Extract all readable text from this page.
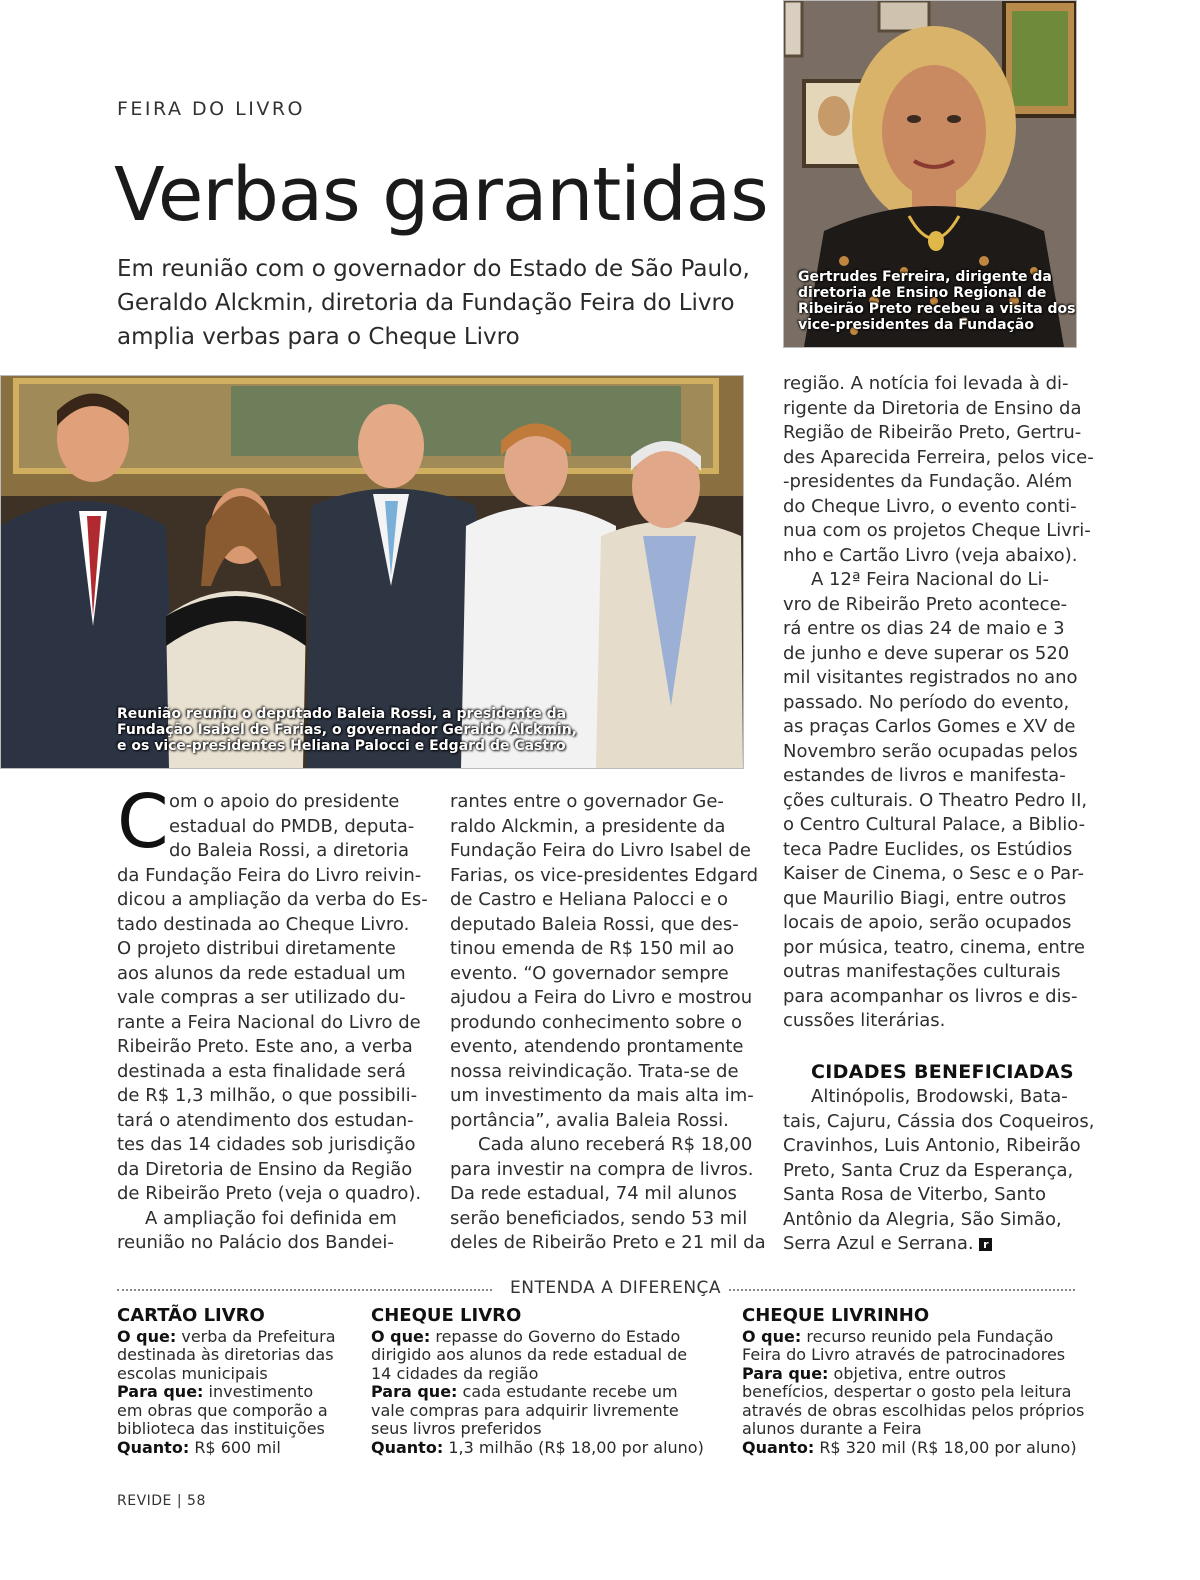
FEIRA DO LIVRO
Verbas garantidas
Em reunião com o governador do Estado de São Paulo,
Geraldo Alckmin, diretoria da Fundação Feira do Livro
amplia verbas para o Cheque Livro
Gertrudes Ferreira, dirigente da
diretoria de Ensino Regional de
Ribeirão Preto recebeu a visita dos
vice-presidentes da Fundação
Reunião reuniu o deputado Baleia Rossi, a presidente da
Fundação Isabel de Farias, o governador Geraldo Alckmin,
e os vice-presidentes Heliana Palocci e Edgard de Castro
C om o apoio do presidente
estadual do PMDB, deputa-
do Baleia Rossi, a diretoria
da Fundação Feira do Livro reivin-
dicou a ampliação da verba do Es-
tado destinada ao Cheque Livro.
O projeto distribui diretamente
aos alunos da rede estadual um
vale compras a ser utilizado du-
rante a Feira Nacional do Livro de
Ribeirão Preto. Este ano, a verba
destinada a esta finalidade será
de R$ 1,3 milhão, o que possibili-
tará o atendimento dos estudan-
tes das 14 cidades sob jurisdição
da Diretoria de Ensino da Região
de Ribeirão Preto (veja o quadro).
A ampliação foi definida em
reunião no Palácio dos Bandei-
rantes entre o governador Ge-
raldo Alckmin, a presidente da
Fundação Feira do Livro Isabel de
Farias, os vice-presidentes Edgard
de Castro e Heliana Palocci e o
deputado Baleia Rossi, que des-
tinou emenda de R$ 150 mil ao
evento. “O governador sempre
ajudou a Feira do Livro e mostrou
produndo conhecimento sobre o
evento, atendendo prontamente
nossa reivindicação. Trata-se de
um investimento da mais alta im-
portância”, avalia Baleia Rossi.
Cada aluno receberá R$ 18,00
para investir na compra de livros.
Da rede estadual, 74 mil alunos
serão beneficiados, sendo 53 mil
deles de Ribeirão Preto e 21 mil da
região. A notícia foi levada à di-
rigente da Diretoria de Ensino da
Região de Ribeirão Preto, Gertru-
des Aparecida Ferreira, pelos vice-
-presidentes da Fundação. Além
do Cheque Livro, o evento conti-
nua com os projetos Cheque Livri-
nho e Cartão Livro (veja abaixo).
A 12ª Feira Nacional do Li-
vro de Ribeirão Preto acontece-
rá entre os dias 24 de maio e 3
de junho e deve superar os 520
mil visitantes registrados no ano
passado. No período do evento,
as praças Carlos Gomes e XV de
Novembro serão ocupadas pelos
estandes de livros e manifesta-
ções culturais. O Theatro Pedro II,
o Centro Cultural Palace, a Biblio-
teca Padre Euclides, os Estúdios
Kaiser de Cinema, o Sesc e o Par-
que Maurilio Biagi, entre outros
locais de apoio, serão ocupados
por música, teatro, cinema, entre
outras manifestações culturais
para acompanhar os livros e dis-
cussões literárias.
CIDADES BENEFICIADAS
Altinópolis, Brodowski, Bata-
tais, Cajuru, Cássia dos Coqueiros,
Cravinhos, Luis Antonio, Ribeirão
Preto, Santa Cruz da Esperança,
Santa Rosa de Viterbo, Santo
Antônio da Alegria, São Simão,
Serra Azul e Serrana. r
ENTENDA A DIFERENÇA
CARTÃO LIVRO
O que: verba da Prefeitura
destinada às diretorias das
escolas municipais
Para que: investimento
em obras que comporão a
biblioteca das instituições
Quanto: R$ 600 mil
CHEQUE LIVRO
O que: repasse do Governo do Estado
dirigido aos alunos da rede estadual de
14 cidades da região
Para que: cada estudante recebe um
vale compras para adquirir livremente
seus livros preferidos
Quanto: 1,3 milhão (R$ 18,00 por aluno)
CHEQUE LIVRINHO
O que: recurso reunido pela Fundação
Feira do Livro através de patrocinadores
Para que: objetiva, entre outros
benefícios, despertar o gosto pela leitura
através de obras escolhidas pelos próprios
alunos durante a Feira
Quanto: R$ 320 mil (R$ 18,00 por aluno)
REVIDE | 58
